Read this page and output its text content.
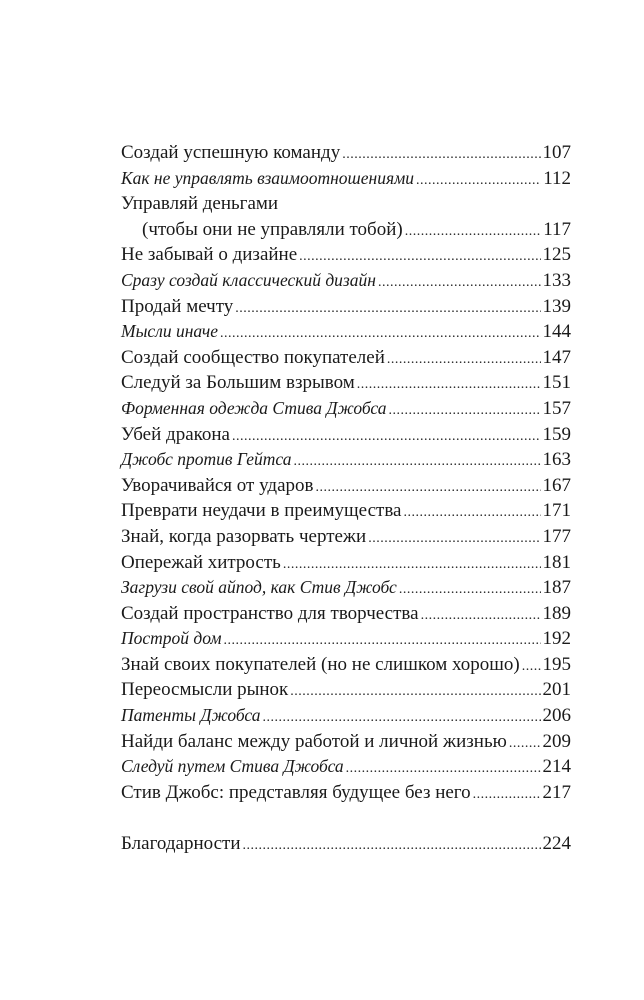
Создай успешную команду .....	107
Как не управлять взаимоотношениями .....	112
Управляй деньгами
(чтобы они не управляли тобой) .....	117
Не забывай о дизайне .....	125
Сразу создай классический дизайн .....	133
Продай мечту .....	139
Мысли иначе .....	144
Создай сообщество покупателей .....	147
Следуй за Большим взрывом .....	151
Форменная одежда Стива Джобса .....	157
Убей дракона .....	159
Джобс против Гейтса .....	163
Уворачивайся от ударов .....	167
Преврати неудачи в преимущества .....	171
Знай, когда разорвать чертежи .....	177
Опережай хитрость .....	181
Загрузи свой айпод, как Стив Джобс .....	187
Создай пространство для творчества .....	189
Построй дом .....	192
Знай своих покупателей (но не слишком хорошо) ..... 195
Переосмысли рынок .....	201
Патенты Джобса .....	206
Найди баланс между работой и личной жизнью ..... 209
Следуй путем Стива Джобса .....	214
Стив Джобс: представляя будущее без него .....	217
Благодарности .....	224
